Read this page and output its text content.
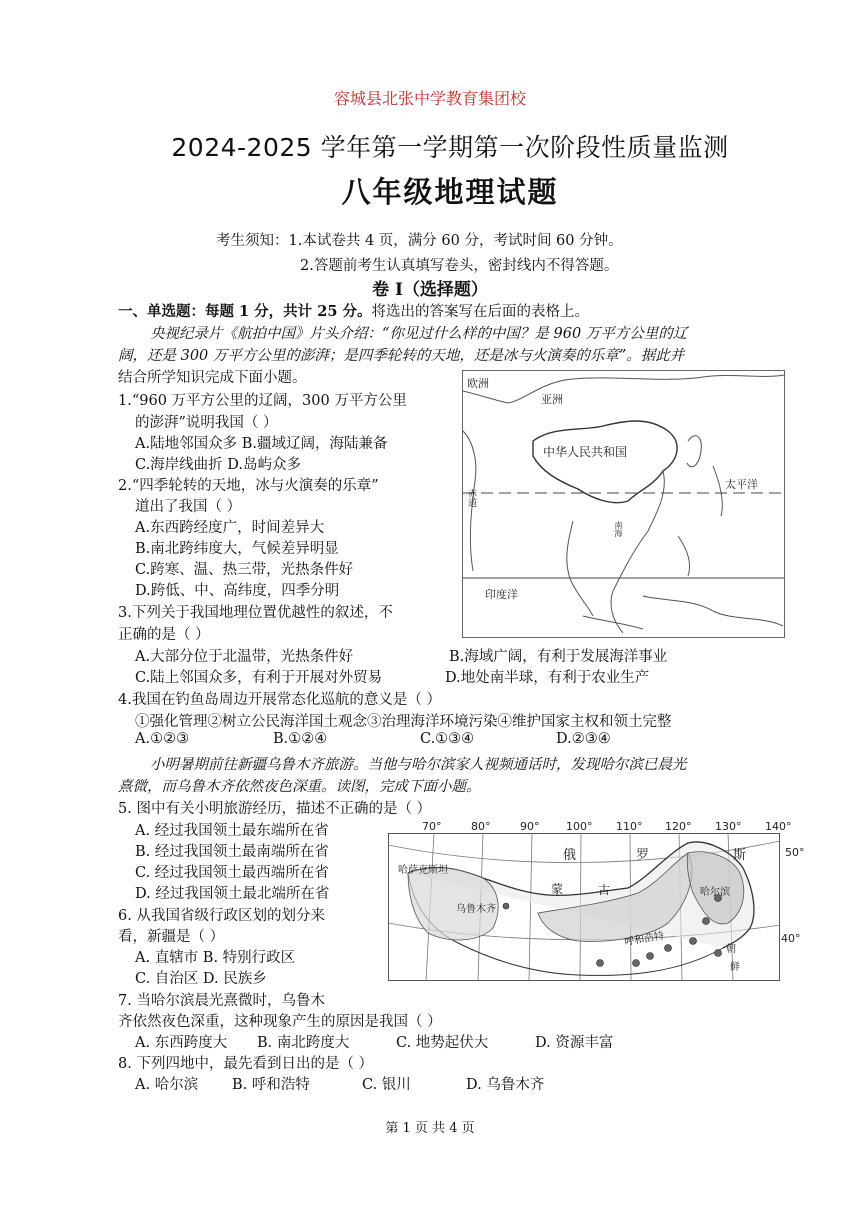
容城县北张中学教育集团校
2024-2025 学年第一学期第一次阶段性质量监测
八年级地理试题
考生须知：1.本试卷共 4 页，满分 60 分，考试时间 60 分钟。
2.答题前考生认真填写卷头，密封线内不得答题。
卷 Ⅰ（选择题）
一、单选题：每题 1 分，共计 25 分。将选出的答案写在后面的表格上。
央视纪录片《航拍中国》片头介绍：“你见过什么样的中国？是 960 万平方公里的辽
阔，还是 300 万平方公里的澎湃；是四季轮转的天地，还是冰与火演奏的乐章”。据此并
结合所学知识完成下面小题。	欧洲
亚洲
中华人民共和国
太平洋
印度洋
赤道
南海
1.“960 万平方公里的辽阔，300 万平方公里
的澎湃”说明我国（ ）
A.陆地邻国众多 B.疆域辽阔，海陆兼备
C.海岸线曲折 D.岛屿众多
2.“四季轮转的天地，冰与火演奏的乐章”
道出了我国（ ）
A.东西跨经度广，时间差异大
B.南北跨纬度大，气候差异明显
C.跨寒、温、热三带，光热条件好
D.跨低、中、高纬度，四季分明
3.下列关于我国地理位置优越性的叙述，不
正确的是（ ）
A.大部分位于北温带，光热条件好	B.海域广阔，有利于发展海洋事业
C.陆上邻国众多，有利于开展对外贸易	D.地处南半球，有利于农业生产
4.我国在钓鱼岛周边开展常态化巡航的意义是（ ）
①强化管理②树立公民海洋国土观念③治理海洋环境污染④维护国家主权和领土完整
A.①②③	B.①②④	C.①③④	D.②③④
小明暑期前往新疆乌鲁木齐旅游。当他与哈尔滨家人视频通话时，发现哈尔滨已晨光
熹微，而乌鲁木齐依然夜色深重。读图，完成下面小题。
5. 图中有关小明旅游经历，描述不正确的是（ ）
A. 经过我国领土最东端所在省
B. 经过我国领土最南端所在省
C. 经过我国领土最西端所在省
D. 经过我国领土最北端所在省
70°	80°	90° 100° 110° 120° 130° 140°
50°
40°
俄	罗	斯
蒙	古
哈萨克斯坦
乌鲁木齐
哈尔滨
呼和浩特
朝
鲜
6. 从我国省级行政区划的划分来
看，新疆是（ ）
A. 直辖市 B. 特别行政区
C. 自治区 D. 民族乡
7. 当哈尔滨晨光熹微时，乌鲁木
齐依然夜色深重，这种现象产生的原因是我国（ ）
A. 东西跨度大 B. 南北跨度大	C. 地势起伏大	D. 资源丰富
8. 下列四地中，最先看到日出的是（ ）
A. 哈尔滨 B. 呼和浩特	C. 银川	D. 乌鲁木齐
第 1 页 共 4 页
